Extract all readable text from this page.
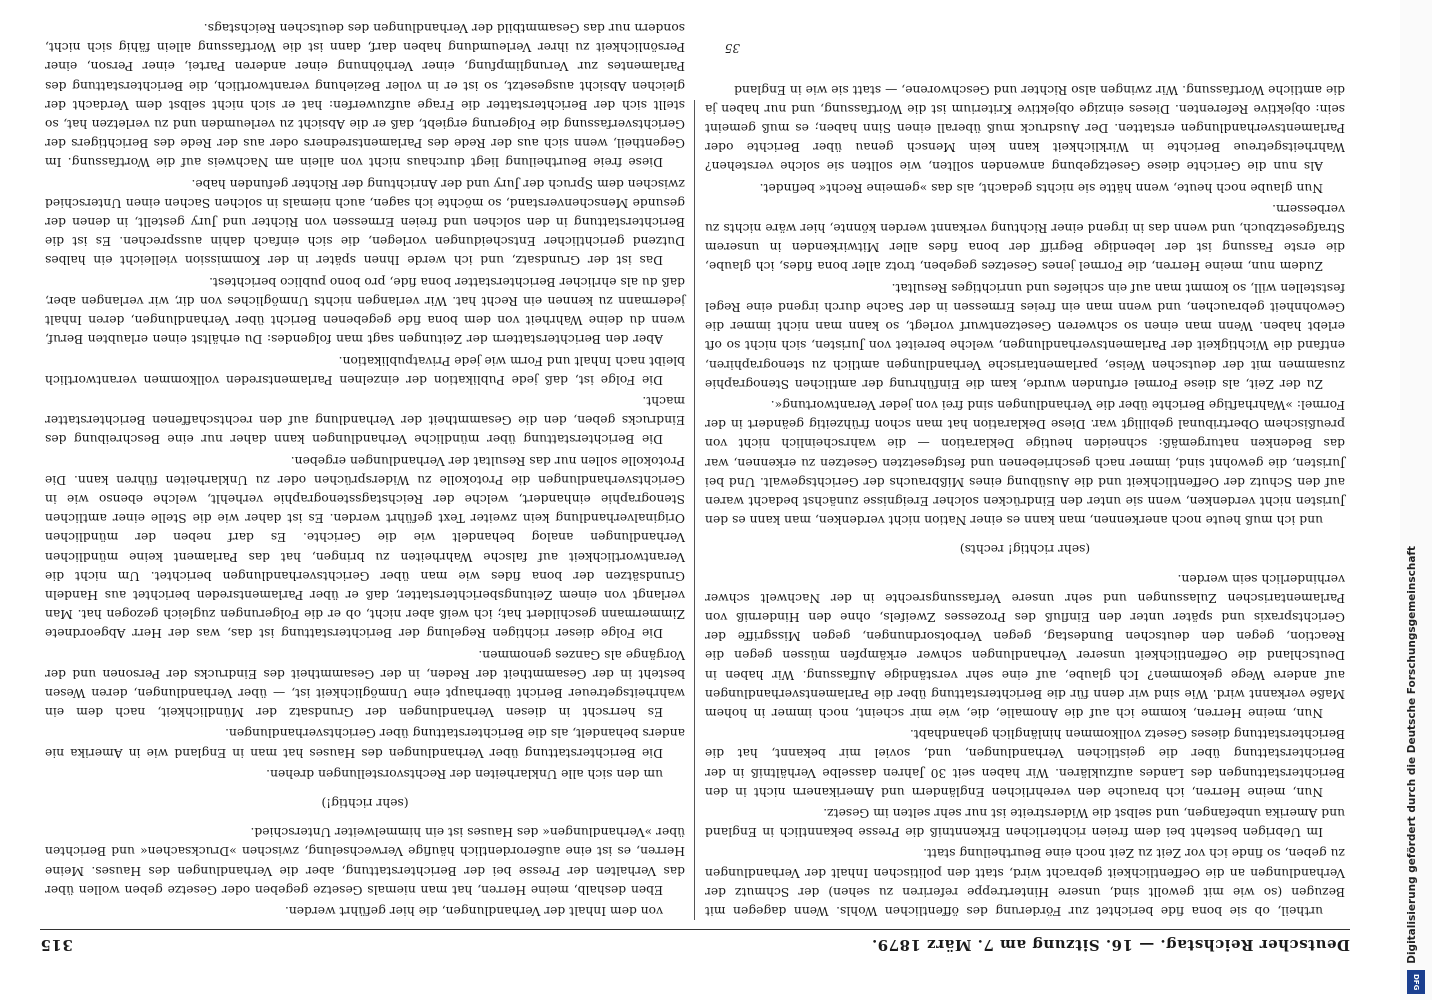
Deutscher Reichstag. — 16. Sitzung am 7. März 1879.
315

urtheil, ob sie bona fide berichtet zur Förderung des öffentlichen Wohls. Wenn dagegen mit Bezugen (so wie mit gewollt sind, unsere Hintertreppe referiren zu sehen) der Schmutz der Verhandlungen an die Oeffentlichkeit gebracht wird, statt den politischen Inhalt der Verhandlungen zu geben, so finde ich vor Zeit zu Zeit noch eine Beurtheilung statt.

Im Uebrigen besteht bei dem freien richterlichen Erkenntniß die Presse bekanntlich in England und Amerika unbefangen, und selbst die Widerstreite ist nur sehr selten im Gesetz.

Nun, meine Herren, ich brauche den verehrlichen Engländern und Amerikanern nicht in den Berichterstattungen des Landes aufzuklären. Wir haben seit 30 Jahren dasselbe Verhältniß in der Berichterstattung über die geistlichen Verhandlungen, und, soviel mir bekannt, hat die Berichterstattung dieses Gesetz vollkommen hinlänglich gehandhabt.

Nun, meine Herren, komme ich auf die Anomalie, die, wie mir scheint, noch immer in hohem Maße verkannt wird. Wie sind wir denn für die Berichterstattung über die Parlamentsverhandlungen auf andere Wege gekommen? Ich glaube, auf eine sehr verständige Auffassung. Wir haben in Deutschland die Oeffentlichkeit unserer Verhandlungen schwer erkämpfen müssen gegen die Reaction, gegen den deutschen Bundestag, gegen Verbotsordnungen, gegen Missgriffe der Gerichtspraxis und später unter den Einfluß des Prozesses Zweifels, ohne den Hinderniß von Parlamentarischen Zulassungen und sehr unsere Verfassungsrechte in der Nachwelt schwer verhinderlich sein werden.

(sehr richtig! rechts)

und ich muß heute noch anerkennen, man kann es einer Nation nicht verdenken, man kann es den Juristen nicht verdenken, wenn sie unter den Eindrücken solcher Ereignisse zunächst bedacht waren auf den Schutz der Oeffentlichkeit und die Ausübung eines Mißbrauchs der Gerichtsgewalt. Und bei Juristen, die gewohnt sind, immer nach geschriebenen und festgesetzten Gesetzen zu erkennen, war das Bedenken naturgemäß: schneiden heutige Deklaration — die wahrscheinlich nicht von preußischem Obertribunal gebilligt war. Diese Deklaration hat man schon frühzeitig geändert in der Formel: »Wahrhaftige Berichte über die Verhandlungen sind frei von jeder Verantwortung«.

Zu der Zeit, als diese Formel erfunden wurde, kam die Einführung der amtlichen Stenographie zusammen mit der deutschen Weise, parlamentarische Verhandlungen amtlich zu stenographiren, entfand die Wichtigkeit der Parlamentsverhandlungen, welche bereitet von Juristen, sich nicht so oft erlebt haben. Wenn man einen so schweren Gesetzentwurf vorlegt, so kann man nicht immer die Gewohnheit gebrauchen, und wenn man ein freies Ermessen in der Sache durch irgend eine Regel feststellen will, so kommt man auf ein schiefes und unrichtiges Resultat.

Zudem nun, meine Herren, die Formel jenes Gesetzes gegeben, trotz aller bona fides, ich glaube, die erste Fassung ist der lebendige Begriff der bona fides aller Mitwirkenden in unserem Strafgesetzbuch, und wenn das in irgend einer Richtung verkannt werden könnte, hier wäre nichts zu verbessern.

Nun glaube noch heute, wenn hätte sie nichts gedacht, als das »gemeine Recht« befindet.

Als nun die Gerichte diese Gesetzgebung anwenden sollten, wie sollten sie solche verstehen? Wahrheitsgetreue Berichte in Wirklichkeit kann kein Mensch genau über Berichte oder Parlamentsverhandlungen erstatten. Der Ausdruck muß überall einen Sinn haben; es muß gemeint sein: objektive Referenten. Dieses einzige objektive Kriterium ist die Wortfassung, und nur haben ja die amtliche Wortfassung. Wir zwingen also Richter und Geschworene, — statt sie wie in England

von dem Inhalt der Verhandlungen, die hier geführt werden.

Eben deshalb, meine Herren, hat man niemals Gesetze gegeben oder Gesetze geben wollen über das Verhalten der Presse bei der Berichterstattung, aber die Verhandlungen des Hauses. Meine Herren, es ist eine außerordentlich häufige Verwechselung, zwischen »Drucksachen« und Berichten über »Verhandlungen« des Hauses ist ein himmelweiter Unterschied.

(sehr richtig!)

um den sich alle Unklarheiten der Rechtsvorstellungen drehen.

Die Berichterstattung über Verhandlungen des Hauses hat man in England wie in Amerika nie anders behandelt, als die Berichterstattung über Gerichtsverhandlungen.

Es herrscht in diesen Verhandlungen der Grundsatz der Mündlichkeit, nach dem ein wahrheitsgetreuer Bericht überhaupt eine Unmöglichkeit ist, — über Verhandlungen, deren Wesen besteht in der Gesammtheit der Reden, in der Gesammtheit des Eindrucks der Personen und der Vorgänge als Ganzes genommen.

Die Folge dieser richtigen Regelung der Berichterstattung ist das, was der Herr Abgeordnete Zimmermann geschildert hat; ich weiß aber nicht, ob er die Folgerungen zugleich gezogen hat. Man verlangt von einem Zeitungsberichterstatter, daß er über Parlamentsreden berichtet aus Handeln Grundsätzen der bona fides wie man über Gerichtsverhandlungen berichtet. Um nicht die Verantwortlichkeit auf falsche Wahrheiten zu bringen, hat das Parlament keine mündlichen Verhandlungen analog behandelt wie die Gerichte. Es darf neben der mündlichen Originalverhandlung kein zweiter Text geführt werden. Es ist daher wie die Stelle einer amtlichen Stenographie einhandert, welche der Reichstagsstenographie verhehlt, welche ebenso wie in Gerichtsverhandlungen die Protokolle zu Widersprüchen oder zu Unklarheiten führen kann. Die Protokolle sollen nur das Resultat der Verhandlungen ergeben.

Die Berichterstattung über mündliche Verhandlungen kann daher nur eine Beschreibung des Eindrucks geben, den die Gesammtheit der Verhandlung auf den rechtschaffenen Berichterstatter macht.

Die Folge ist, daß jede Publikation der einzelnen Parlamentsreden vollkommen verantwortlich bleibt nach Inhalt und Form wie jede Privatpublikation.

Aber den Berichterstattern der Zeitungen sagt man folgendes: Du erhältst einen erlaubten Beruf, wenn du deine Wahrheit von dem bona fide gegebenen Bericht über Verhandlungen, deren Inhalt jedermann zu kennen ein Recht hat. Wir verlangen nichts Unmögliches von dir, wir verlangen aber, daß du als ehrlicher Berichterstatter bona fide, pro bono publico berichtest.

Das ist der Grundsatz, und ich werde Ihnen später in der Kommission vielleicht ein halbes Dutzend gerichtlicher Entscheidungen vorlegen, die sich einfach dahin aussprechen. Es ist die Berichterstattung in den solchen und freien Ermessen von Richter und Jury gestellt, in denen der gesunde Menschenverstand, so möchte ich sagen, auch niemals in solchen Sachen einen Unterschied zwischen dem Spruch der Jury und der Anrichtung der Richter gefunden habe.

Diese freie Beurtheilung liegt durchaus nicht von allein am Nachweis auf die Wortfassung. Im Gegentheil, wenn sich aus der Rede des Parlamentsredners oder aus der Rede des Berichtigers der Gerichtsverfassung die Folgerung ergiebt, daß er die Absicht zu verleumden und zu verletzen hat, so stellt sich der Berichterstatter die Frage aufzuwerfen: hat er sich nicht selbst dem Verdacht der gleichen Absicht ausgesetzt, so ist er in voller Beziehung verantwortlich, die Berichterstattung des Parlamentes zur Verunglimpfung, einer Verhöhnung einer anderen Partei, einer Person, einer Persönlichkeit zu ihrer Verleumdung haben darf, dann ist die Wortfassung allein fähig sich nicht, sondern nur das Gesammtbild der Verhandlungen des deutschen Reichstags.

35
Digitalisierung gefördert durch die Deutsche Forschungsgemeinschaft
DFG
